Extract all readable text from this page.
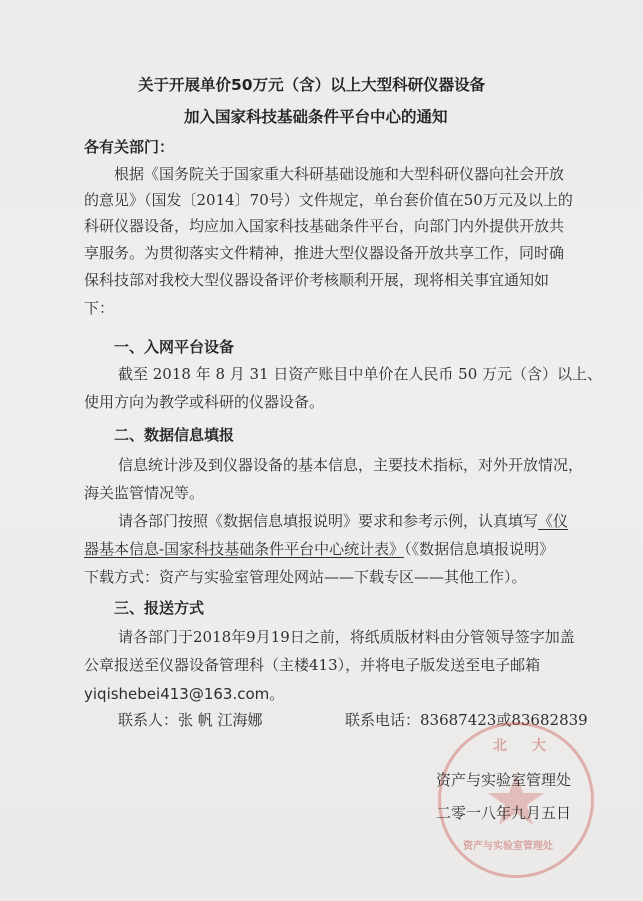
关于开展单价50万元（含）以上大型科研仪器设备
加入国家科技基础条件平台中心的通知
各有关部门：
根据《国务院关于国家重大科研基础设施和大型科研仪器向社会开放
的意见》（国发〔2014〕70号）文件规定，单台套价值在50万元及以上的
科研仪器设备，均应加入国家科技基础条件平台，向部门内外提供开放共
享服务。为贯彻落实文件精神，推进大型仪器设备开放共享工作，同时确
保科技部对我校大型仪器设备评价考核顺利开展，现将相关事宜通知如
下：
一、入网平台设备
截至 2018 年 8 月 31 日资产账目中单价在人民币 50 万元（含）以上、
使用方向为教学或科研的仪器设备。
二、数据信息填报
信息统计涉及到仪器设备的基本信息，主要技术指标，对外开放情况，
海关监管情况等。
请各部门按照《数据信息填报说明》要求和参考示例，认真填写《仪
器基本信息-国家科技基础条件平台中心统计表》（《数据信息填报说明》
下载方式：资产与实验室管理处网站——下载专区——其他工作）。
三、报送方式
请各部门于2018年9月19日之前，将纸质版材料由分管领导签字加盖
公章报送至仪器设备管理科（主楼413），并将电子版发送至电子邮箱
yiqishebei413@163.com。
联系人：张 帆 江海娜	联系电话：83687423或83682839
北 大
资产与实验室管理处
资产与实验室管理处
二零一八年九月五日
